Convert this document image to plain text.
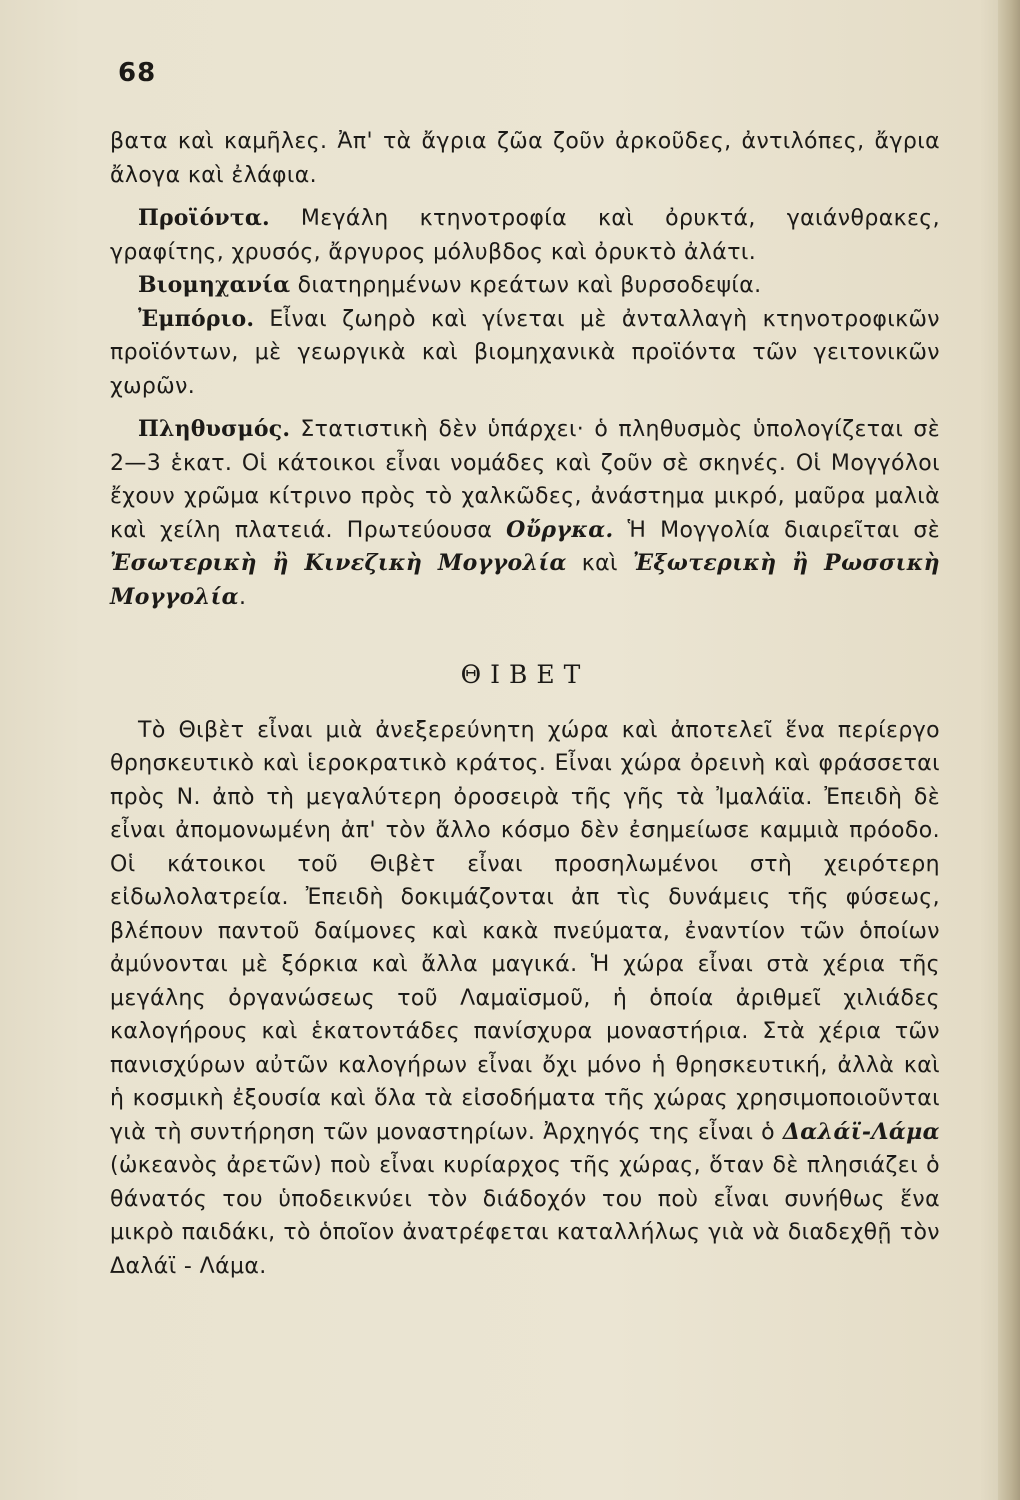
68

βατα καὶ καμῆλες. Ἀπ' τὰ ἄγρια ζῶα ζοῦν ἀρκοῦδες, ἀντιλόπες, ἄγρια ἄλογα καὶ ἐλάφια.

Προϊόντα. Μεγάλη κτηνοτροφία καὶ ὀρυκτά, γαιάνθρακες, γραφίτης, χρυσός, ἄργυρος μόλυβδος καὶ ὀρυκτὸ ἀλάτι.

Βιομηχανία διατηρημένων κρεάτων καὶ βυρσοδεψία.

Ἐμπόριο. Εἶναι ζωηρὸ καὶ γίνεται μὲ ἀνταλλαγὴ κτηνοτροφικῶν προϊόντων, μὲ γεωργικὰ καὶ βιομηχανικὰ προϊόντα τῶν γειτονικῶν χωρῶν.

Πληθυσμός. Στατιστικὴ δὲν ὑπάρχει· ὁ πληθυσμὸς ὑπολογίζεται σὲ 2—3 ἑκατ. Οἱ κάτοικοι εἶναι νομάδες καὶ ζοῦν σὲ σκηνές. Οἱ Μογγόλοι ἔχουν χρῶμα κίτρινο πρὸς τὸ χαλκῶδες, ἀνάστημα μικρό, μαῦρα μαλιὰ καὶ χείλη πλατειά. Πρωτεύουσα Οὔργκα. Ἡ Μογγολία διαιρεῖται σὲ Ἐσωτερικὴ ἢ Κινεζικὴ Μογγολία καὶ Ἐξωτερικὴ ἢ Ρωσσικὴ Μογγολία.

ΘΙΒΕΤ

Τὸ Θιβὲτ εἶναι μιὰ ἀνεξερεύνητη χώρα καὶ ἀποτελεῖ ἕνα περίεργο θρησκευτικὸ καὶ ἱεροκρατικὸ κράτος. Εἶναι χώρα ὀρεινὴ καὶ φράσσεται πρὸς Ν. ἀπὸ τὴ μεγαλύτερη ὀροσειρὰ τῆς γῆς τὰ Ἰμαλάϊα. Ἐπειδὴ δὲ εἶναι ἀπομονωμένη ἀπ' τὸν ἄλλο κόσμο δὲν ἐσημείωσε καμμιὰ πρόοδο. Οἱ κάτοικοι τοῦ Θιβὲτ εἶναι προσηλωμένοι στὴ χειρότερη εἰδωλολατρεία. Ἐπειδὴ δοκιμάζονται ἀπ τὶς δυνάμεις τῆς φύσεως, βλέπουν παντοῦ δαίμονες καὶ κακὰ πνεύματα, ἐναντίον τῶν ὁποίων ἀμύνονται μὲ ξόρκια καὶ ἄλλα μαγικά. Ἡ χώρα εἶναι στὰ χέρια τῆς μεγάλης ὀργανώσεως τοῦ Λαμαϊσμοῦ, ἡ ὁποία ἀριθμεῖ χιλιάδες καλογήρους καὶ ἑκατοντάδες πανίσχυρα μοναστήρια. Στὰ χέρια τῶν πανισχύρων αὐτῶν καλογήρων εἶναι ὄχι μόνο ἡ θρησκευτική, ἀλλὰ καὶ ἡ κοσμικὴ ἐξουσία καὶ ὅλα τὰ εἰσοδήματα τῆς χώρας χρησιμοποιοῦνται γιὰ τὴ συντήρηση τῶν μοναστηρίων. Ἀρχηγός της εἶναι ὁ Δαλάϊ-Λάμα (ὠκεανὸς ἀρετῶν) ποὺ εἶναι κυρίαρχος τῆς χώρας, ὅταν δὲ πλησιάζει ὁ θάνατός του ὑποδεικνύει τὸν διάδοχόν του ποὺ εἶναι συνήθως ἕνα μικρὸ παιδάκι, τὸ ὁποῖον ἀνατρέφεται καταλλήλως γιὰ νὰ διαδεχθῇ τὸν Δαλάϊ - Λάμα.
